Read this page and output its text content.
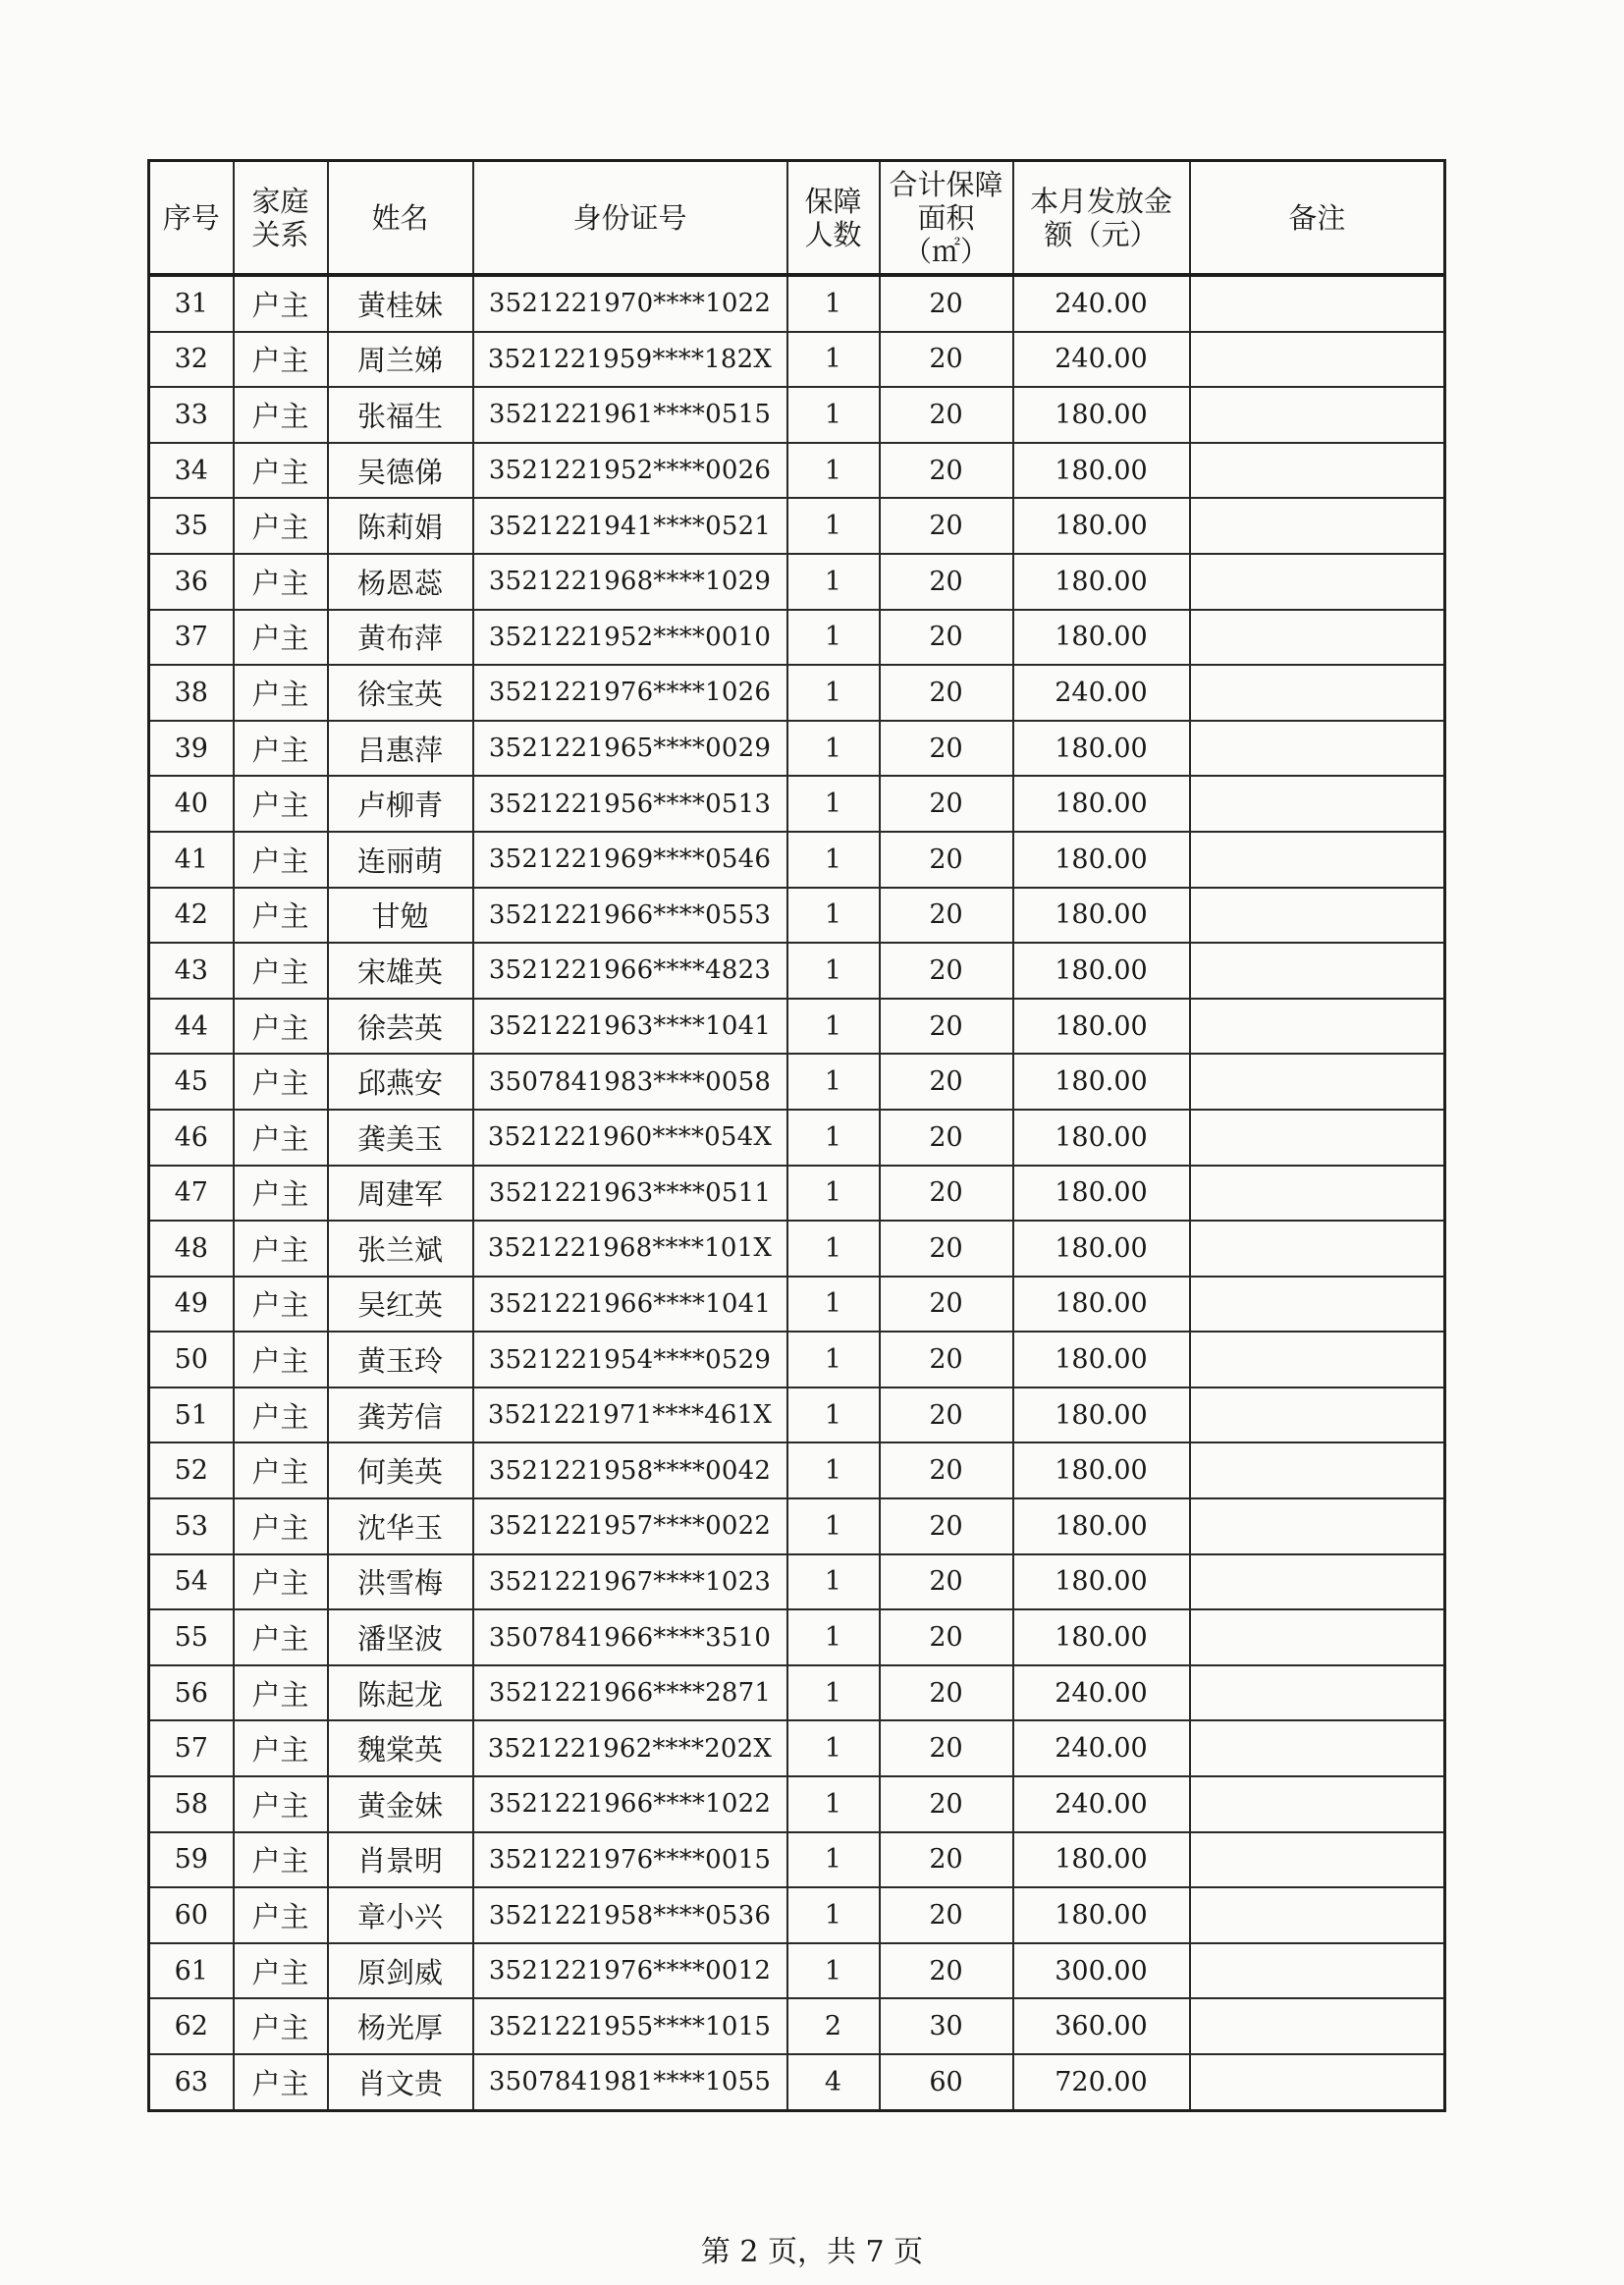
序号	家庭关系	姓名	身份证号	保障人数	合计保障面积（㎡）	本月发放金额（元）	备注
31	户主	黄桂妹	3521221970****1022	1	20	240.00	
32	户主	周兰娣	3521221959****182X	1	20	240.00	
33	户主	张福生	3521221961****0515	1	20	180.00	
34	户主	吴德俤	3521221952****0026	1	20	180.00	
35	户主	陈莉娟	3521221941****0521	1	20	180.00	
36	户主	杨恩蕊	3521221968****1029	1	20	180.00	
37	户主	黄布萍	3521221952****0010	1	20	180.00	
38	户主	徐宝英	3521221976****1026	1	20	240.00	
39	户主	吕惠萍	3521221965****0029	1	20	180.00	
40	户主	卢柳青	3521221956****0513	1	20	180.00	
41	户主	连丽萌	3521221969****0546	1	20	180.00	
42	户主	甘勉	3521221966****0553	1	20	180.00	
43	户主	宋雄英	3521221966****4823	1	20	180.00	
44	户主	徐芸英	3521221963****1041	1	20	180.00	
45	户主	邱燕安	3507841983****0058	1	20	180.00	
46	户主	龚美玉	3521221960****054X	1	20	180.00	
47	户主	周建军	3521221963****0511	1	20	180.00	
48	户主	张兰斌	3521221968****101X	1	20	180.00	
49	户主	吴红英	3521221966****1041	1	20	180.00	
50	户主	黄玉玲	3521221954****0529	1	20	180.00	
51	户主	龚芳信	3521221971****461X	1	20	180.00	
52	户主	何美英	3521221958****0042	1	20	180.00	
53	户主	沈华玉	3521221957****0022	1	20	180.00	
54	户主	洪雪梅	3521221967****1023	1	20	180.00	
55	户主	潘坚波	3507841966****3510	1	20	180.00	
56	户主	陈起龙	3521221966****2871	1	20	240.00	
57	户主	魏棠英	3521221962****202X	1	20	240.00	
58	户主	黄金妹	3521221966****1022	1	20	240.00	
59	户主	肖景明	3521221976****0015	1	20	180.00	
60	户主	章小兴	3521221958****0536	1	20	180.00	
61	户主	原剑威	3521221976****0012	1	20	300.00	
62	户主	杨光厚	3521221955****1015	2	30	360.00	
63	户主	肖文贵	3507841981****1055	4	60	720.00	
第 2 页，共 7 页
